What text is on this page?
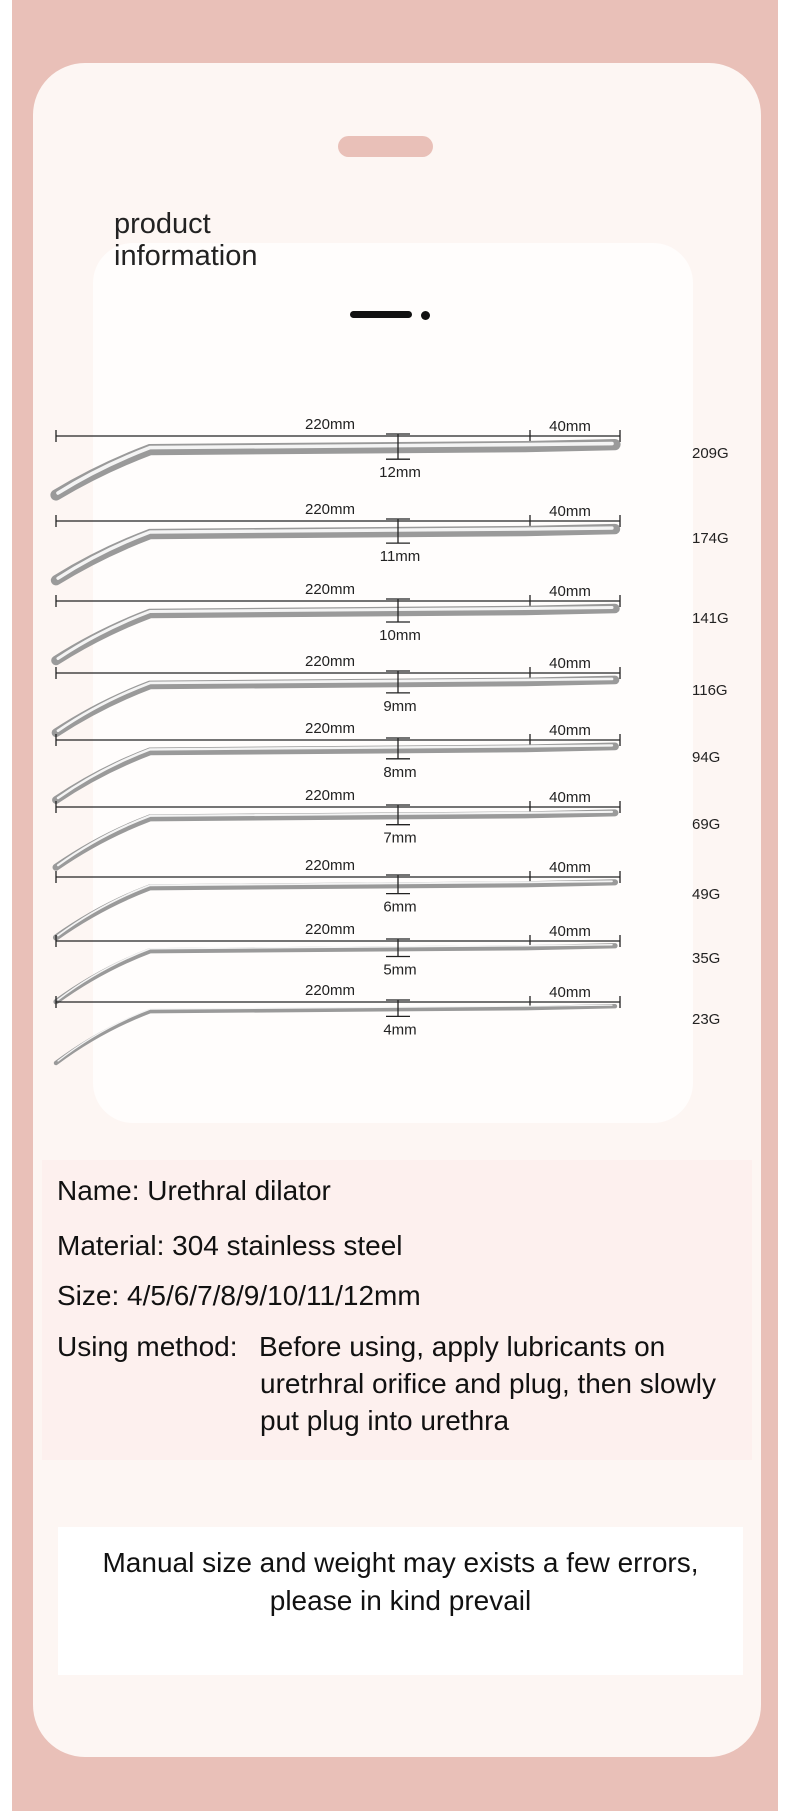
product
information
220mm	40mm
209G
12mm
220mm	40mm
174G
11mm
220mm	40mm
141G
10mm
220mm	40mm
116G
9mm
220mm	40mm
94G
8mm
220mm	40mm
69G
7mm
220mm	40mm
49G
6mm
220mm	40mm
35G
5mm
220mm	40mm
23G
4mm
Name: Urethral dilator
Material: 304 stainless steel
Size: 4/5/6/7/8/9/10/11/12mm
Using method: Before using, apply lubricants on
uretrhral orifice and plug, then slowly
put plug into urethra
Manual size and weight may exists a few errors,
please in kind prevail
